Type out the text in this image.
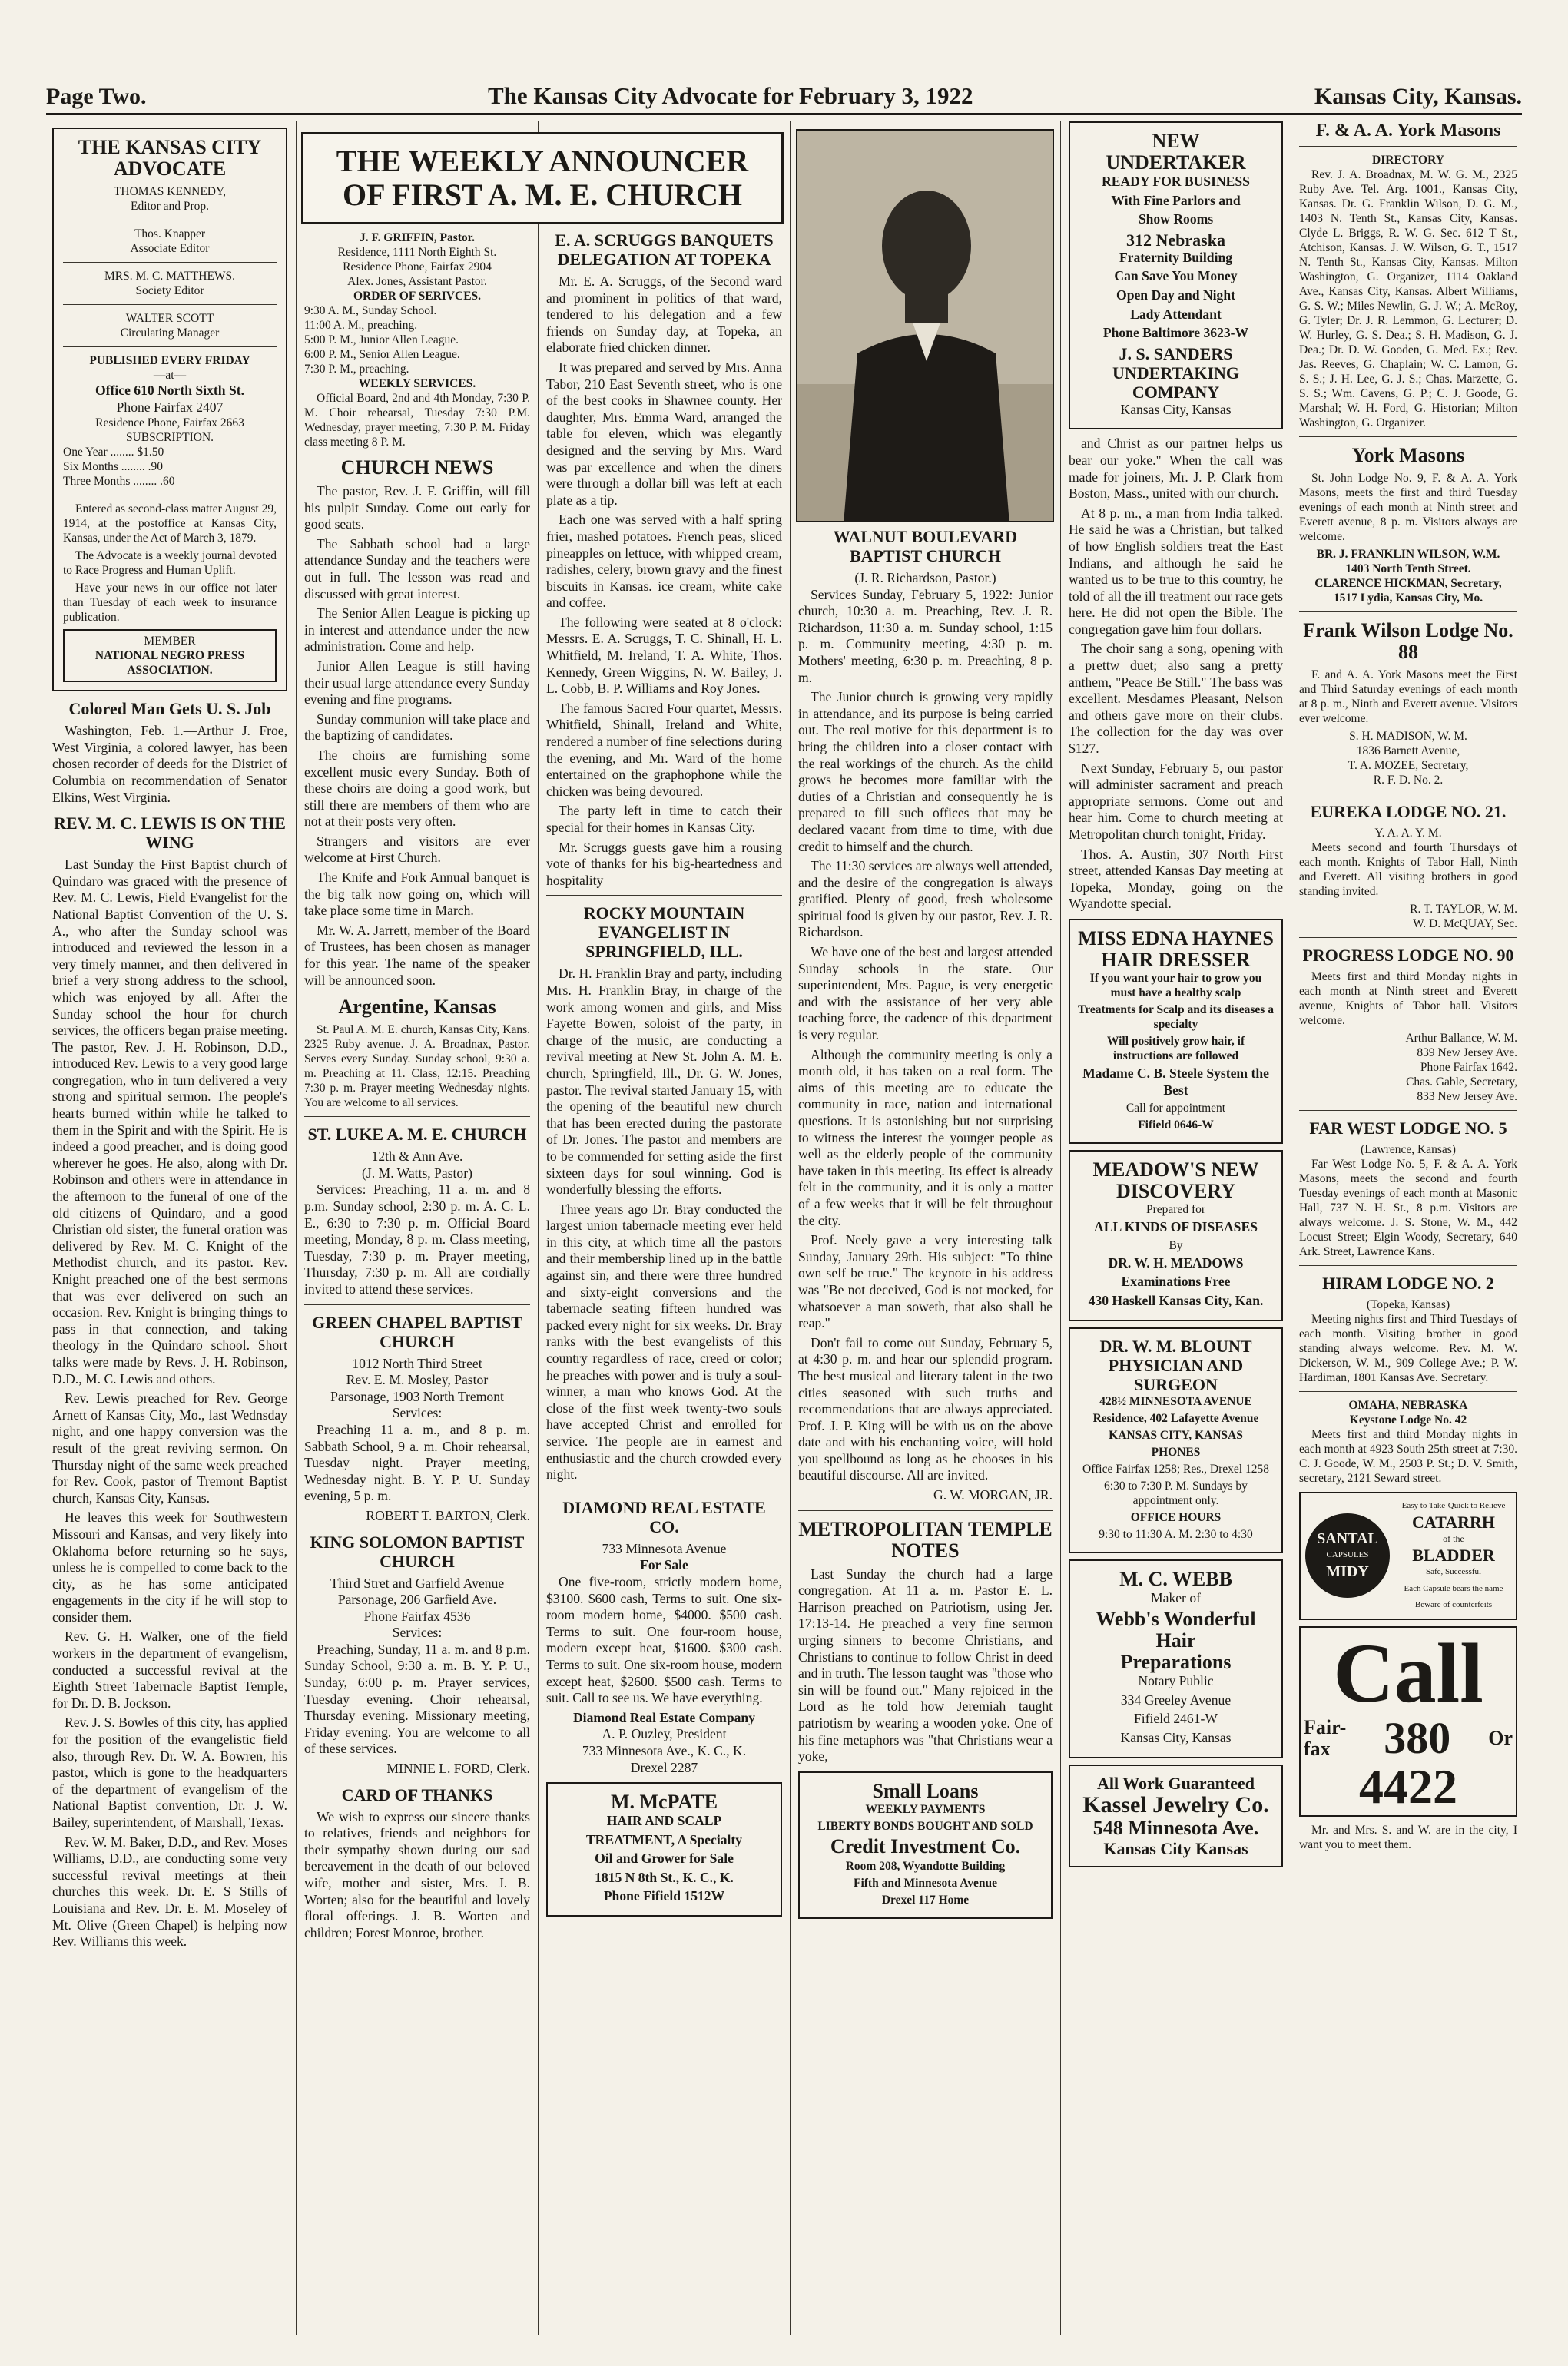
Page Two.	The Kansas City Advocate for February 3, 1922	Kansas City, Kansas.
THE KANSAS CITY ADVOCATE
THOMAS KENNEDY,
Editor and Prop.
Thos. Knapper
Associate Editor
MRS. M. C. MATTHEWS.
Society Editor
WALTER SCOTT
Circulating Manager
PUBLISHED EVERY FRIDAY
—at—
Office 610 North Sixth St.
Phone Fairfax 2407
Residence Phone, Fairfax 2663
SUBSCRIPTION.
One Year ........ $1.50
Six Months ........ .90
Three Months ........ .60

Entered as second-class matter August 29, 1914, at the postoffice at Kansas City, Kansas, under the Act of March 3, 1879.

The Advocate is a weekly journal devoted to Race Progress and Human Uplift.

Have your news in our office not later than Tuesday of each week to insurance publication.

MEMBER
NATIONAL NEGRO PRESS ASSOCIATION.
Colored Man Gets U. S. Job

Washington, Feb. 1.—Arthur J. Froe, West Virginia, a colored lawyer, has been chosen recorder of deeds for the District of Columbia on recommendation of Senator Elkins, West Virginia.

REV. M. C. LEWIS IS ON THE WING

Last Sunday the First Baptist church of Quindaro was graced with the presence of Rev. M. C. Lewis, Field Evangelist for the National Baptist Convention of the U. S. A., who after the Sunday school was introduced and reviewed the lesson in a very timely manner, and then delivered in brief a very strong address to the school, which was enjoyed by all. After the Sunday school the hour for church services, the officers began praise meeting. The pastor, Rev. J. H. Robinson, D.D., introduced Rev. Lewis to a very good large congregation, who in turn delivered a very strong and spiritual sermon. The people's hearts burned within while he talked to them in the Spirit and with the Spirit. He is indeed a good preacher, and is doing good wherever he goes. He also, along with Dr. Robinson and others were in attendance in the afternoon to the funeral of one of the old citizens of Quindaro, and a good Christian old sister, the funeral oration was delivered by Rev. M. C. Knight of the Methodist church, and its pastor. Rev. Knight preached one of the best sermons that was ever delivered on such an occasion. Rev. Knight is bringing things to pass in that connection, and taking theology in the Quindaro school. Short talks were made by Revs. J. H. Robinson, D.D., M. C. Lewis and others.

Rev. Lewis preached for Rev. George Arnett of Kansas City, Mo., last Wednsday night, and one happy conversion was the result of the great reviving sermon. On Thursday night of the same week preached for Rev. Cook, pastor of Tremont Baptist church, Kansas City, Kansas.

He leaves this week for Southwestern Missouri and Kansas, and very likely into Oklahoma before returning so he says, unless he is compelled to come back to the city, as he has some anticipated engagements in the city if he will stop to consider them.

Rev. G. H. Walker, one of the field workers in the department of evangelism, conducted a successful revival at the Eighth Street Tabernacle Baptist Temple, for Dr. D. B. Jockson.

Rev. J. S. Bowles of this city, has applied for the position of the evangelistic field also, through Rev. Dr. W. A. Bowren, his pastor, which is gone to the headquarters of the department of evangelism of the National Baptist convention, Dr. J. W. Bailey, superintendent, of Marshall, Texas.

Rev. W. M. Baker, D.D., and Rev. Moses Williams, D.D., are conducting some very successful revival meetings at their churches this week. Dr. E. S Stills of Louisiana and Rev. Dr. E. M. Moseley of Mt. Olive (Green Chapel) is helping now Rev. Williams this week.

THE WEEKLY ANNOUNCER
OF FIRST A. M. E. CHURCH
J. F. GRIFFIN, Pastor.
Residence, 1111 North Eighth St.
Residence Phone, Fairfax 2904
Alex. Jones, Assistant Pastor.
ORDER OF SERIVCES.
9:30 A. M., Sunday School.
11:00 A. M., preaching.
5:00 P. M., Junior Allen League.
6:00 P. M., Senior Allen League.
7:30 P. M., preaching.
WEEKLY SERVICES.

Official Board, 2nd and 4th Monday, 7:30 P. M. Choir rehearsal, Tuesday 7:30 P.M. Wednesday, prayer meeting, 7:30 P. M. Friday class meeting 8 P. M.

CHURCH NEWS

The pastor, Rev. J. F. Griffin, will fill his pulpit Sunday. Come out early for good seats.

The Sabbath school had a large attendance Sunday and the teachers were out in full. The lesson was read and discussed with great interest.

The Senior Allen League is picking up in interest and attendance under the new administration. Come and help.

Junior Allen League is still having their usual large attendance every Sunday evening and fine programs.

Sunday communion will take place and the baptizing of candidates.

The choirs are furnishing some excellent music every Sunday. Both of these choirs are doing a good work, but still there are members of them who are not at their posts very often.

Strangers and visitors are ever welcome at First Church.

The Knife and Fork Annual banquet is the big talk now going on, which will take place some time in March.

Mr. W. A. Jarrett, member of the Board of Trustees, has been chosen as manager for this year. The name of the speaker will be announced soon.

Argentine, Kansas

St. Paul A. M. E. church, Kansas City, Kans. 2325 Ruby avenue. J. A. Broadnax, Pastor. Serves every Sunday. Sunday school, 9:30 a. m. Preaching at 11. Class, 12:15. Preaching 7:30 p. m. Prayer meeting Wednesday nights. You are welcome to all services.

ST. LUKE A. M. E. CHURCH
12th & Ann Ave.
(J. M. Watts, Pastor)

Services: Preaching, 11 a. m. and 8 p.m. Sunday school, 2:30 p. m. A. C. L. E., 6:30 to 7:30 p. m. Official Board meeting, Monday, 8 p. m. Class meeting, Tuesday, 7:30 p. m. Prayer meeting, Thursday, 7:30 p. m. All are cordially invited to attend these services.

GREEN CHAPEL BAPTIST CHURCH
1012 North Third Street
Rev. E. M. Mosley, Pastor
Parsonage, 1903 North Tremont
Services:

Preaching 11 a. m., and 8 p. m. Sabbath School, 9 a. m. Choir rehearsal, Tuesday night. Prayer meeting, Wednesday night. B. Y. P. U. Sunday evening, 5 p. m.

ROBERT T. BARTON, Clerk.
KING SOLOMON BAPTIST CHURCH
Third Stret and Garfield Avenue
Parsonage, 206 Garfield Ave.
Phone Fairfax 4536
Services:

Preaching, Sunday, 11 a. m. and 8 p.m. Sunday School, 9:30 a. m. B. Y. P. U., Sunday, 6:00 p. m. Prayer services, Tuesday evening. Choir rehearsal, Thursday evening. Missionary meeting, Friday evening. You are welcome to all of these services.

MINNIE L. FORD, Clerk.
CARD OF THANKS

We wish to express our sincere thanks to relatives, friends and neighbors for their sympathy shown during our sad bereavement in the death of our beloved wife, mother and sister, Mrs. J. B. Worten; also for the beautiful and lovely floral offerings.—J. B. Worten and children; Forest Monroe, brother.

E. A. SCRUGGS BANQUETS DELEGATION AT TOPEKA

Mr. E. A. Scruggs, of the Second ward and prominent in politics of that ward, tendered to his delegation and a few friends on Sunday day, at Topeka, an elaborate fried chicken dinner.

It was prepared and served by Mrs. Anna Tabor, 210 East Seventh street, who is one of the best cooks in Shawnee county. Her daughter, Mrs. Emma Ward, arranged the table for eleven, which was elegantly designed and the serving by Mrs. Ward was par excellence and when the diners were through a dollar bill was left at each plate as a tip.

Each one was served with a half spring frier, mashed potatoes. French peas, sliced pineapples on lettuce, with whipped cream, radishes, celery, brown gravy and the finest biscuits in Kansas. ice cream, white cake and coffee.

The following were seated at 8 o'clock: Messrs. E. A. Scruggs, T. C. Shinall, H. L. Whitfield, M. Ireland, T. A. White, Thos. Kennedy, Green Wiggins, N. W. Bailey, J. L. Cobb, B. P. Williams and Roy Jones.

The famous Sacred Four quartet, Messrs. Whitfield, Shinall, Ireland and White, rendered a number of fine selections during the evening, and Mr. Ward of the home entertained on the graphophone while the chicken was being devoured.

The party left in time to catch their special for their homes in Kansas City.

Mr. Scruggs guests gave him a rousing vote of thanks for his big-heartedness and hospitality

ROCKY MOUNTAIN EVANGELIST IN SPRINGFIELD, ILL.

Dr. H. Franklin Bray and party, including Mrs. H. Franklin Bray, in charge of the work among women and girls, and Miss Fayette Bowen, soloist of the party, in charge of the music, are conducting a revival meeting at New St. John A. M. E. church, Springfield, Ill., Dr. G. W. Jones, pastor. The revival started January 15, with the opening of the beautiful new church that has been erected during the pastorate of Dr. Jones. The pastor and members are to be commended for setting aside the first sixteen days for soul winning. God is wonderfully blessing the efforts.

Three years ago Dr. Bray conducted the largest union tabernacle meeting ever held in this city, at which time all the pastors and their membership lined up in the battle against sin, and there were three hundred and sixty-eight conversions and the tabernacle seating fifteen hundred was packed every night for six weeks. Dr. Bray ranks with the best evangelists of this country regardless of race, creed or color; he preaches with power and is truly a soul-winner, a man who knows God. At the close of the first week twenty-two souls have accepted Christ and enrolled for service. The people are in earnest and enthusiastic and the church crowded every night.

DIAMOND REAL ESTATE CO.
733 Minnesota Avenue
For Sale

One five-room, strictly modern home, $3100. $600 cash, Terms to suit. One six-room modern home, $4000. $500 cash. Terms to suit. One four-room house, modern except heat, $1600. $300 cash. Terms to suit. One six-room house, modern except heat, $2600. $500 cash. Terms to suit. Call to see us. We have everything.

Diamond Real Estate Company
A. P. Ouzley, President
733 Minnesota Ave., K. C., K.
Drexel 2287

M. McPATE

HAIR AND SCALP

TREATMENT, A Specialty

Oil and Grower for Sale

1815 N 8th St., K. C., K.

Phone Fifield 1512W

WALNUT BOULEVARD BAPTIST CHURCH
(J. R. Richardson, Pastor.)

Services Sunday, February 5, 1922: Junior church, 10:30 a. m. Preaching, Rev. J. R. Richardson, 11:30 a. m. Sunday school, 1:15 p. m. Community meeting, 4:30 p. m. Mothers' meeting, 6:30 p. m. Preaching, 8 p. m.

The Junior church is growing very rapidly in attendance, and its purpose is being carried out. The real motive for this department is to bring the children into a closer contact with the real workings of the church. As the child grows he becomes more familiar with the duties of a Christian and consequently he is prepared to fill such offices that may be declared vacant from time to time, with due credit to himself and the church.

The 11:30 services are always well attended, and the desire of the congregation is always gratified. Plenty of good, fresh wholesome spiritual food is given by our pastor, Rev. J. R. Richardson.

We have one of the best and largest attended Sunday schools in the state. Our superintendent, Mrs. Pague, is very energetic and with the assistance of her very able teaching force, the cadence of this department is very regular.

Although the community meeting is only a month old, it has taken on a real form. The aims of this meeting are to educate the community in race, nation and international questions. It is astonishing but not surprising to witness the interest the younger people as well as the elderly people of the community have taken in this meeting. Its effect is already felt in the community, and it is only a matter of a few weeks that it will be felt throughout the city.

Prof. Neely gave a very interesting talk Sunday, January 29th. His subject: "To thine own self be true." The keynote in his address was "Be not deceived, God is not mocked, for whatsoever a man soweth, that also shall he reap."

Don't fail to come out Sunday, February 5, at 4:30 p. m. and hear our splendid program. The best musical and literary talent in the two cities seasoned with such truths and recommendations that are always appreciated. Prof. J. P. King will be with us on the above date and with his enchanting voice, will hold you spellbound as long as he chooses in his beautiful discourse. All are invited.

G. W. MORGAN, JR.
METROPOLITAN TEMPLE NOTES

Last Sunday the church had a large congregation. At 11 a. m. Pastor E. L. Harrison preached on Patriotism, using Jer. 17:13-14. He preached a very fine sermon urging sinners to become Christians, and Christians to continue to follow Christ in deed and in truth. The lesson taught was "those who sin will be found out." Many rejoiced in the Lord as he told how Jeremiah taught patriotism by wearing a wooden yoke. One of his fine metaphors was "that Christians wear a yoke,

Small Loans

WEEKLY PAYMENTS

LIBERTY BONDS BOUGHT AND SOLD

Credit Investment Co.

Room 208, Wyandotte Building

Fifth and Minnesota Avenue

Drexel 117 Home

NEW

UNDERTAKER

READY FOR BUSINESS

With Fine Parlors and

Show Rooms

312 Nebraska

Fraternity Building

Can Save You Money

Open Day and Night

Lady Attendant

Phone Baltimore 3623-W

J. S. SANDERS

UNDERTAKING

COMPANY

Kansas City, Kansas

and Christ as our partner helps us bear our yoke." When the call was made for joiners, Mr. J. P. Clark from Boston, Mass., united with our church.

At 8 p. m., a man from India talked. He said he was a Christian, but talked of how English soldiers treat the East Indians, and although he said he wanted us to be true to this country, he told of all the ill treatment our race gets here. He did not open the Bible. The congregation gave him four dollars.

The choir sang a song, opening with a prettw duet; also sang a pretty anthem, "Peace Be Still." The bass was excellent. Mesdames Pleasant, Nelson and others gave more on their clubs. The collection for the day was over $127.

Next Sunday, February 5, our pastor will administer sacrament and preach appropriate sermons. Come out and hear him. Come to church meeting at Metropolitan church tonight, Friday.

Thos. A. Austin, 307 North First street, attended Kansas Day meeting at Topeka, Monday, going on the Wyandotte special.

MISS EDNA HAYNES HAIR DRESSER

If you want your hair to grow you must have a healthy scalp

Treatments for Scalp and its diseases a specialty

Will positively grow hair, if instructions are followed

Madame C. B. Steele System the Best

Call for appointment

Fifield 0646-W

MEADOW'S NEW DISCOVERY

Prepared for

ALL KINDS OF DISEASES

By

DR. W. H. MEADOWS

Examinations Free

430 Haskell Kansas City, Kan.

DR. W. M. BLOUNT PHYSICIAN AND SURGEON

428½ MINNESOTA AVENUE

Residence, 402 Lafayette Avenue

KANSAS CITY, KANSAS

PHONES

Office Fairfax 1258; Res., Drexel 1258

6:30 to 7:30 P. M. Sundays by appointment only.

OFFICE HOURS

9:30 to 11:30 A. M. 2:30 to 4:30

M. C. WEBB

Maker of

Webb's Wonderful

Hair

Preparations

Notary Public

334 Greeley Avenue

Fifield 2461-W

Kansas City, Kansas

All Work Guaranteed

Kassel Jewelry Co.

548 Minnesota Ave.

Kansas City Kansas

F. & A. A. York Masons
DIRECTORY

Rev. J. A. Broadnax, M. W. G. M., 2325 Ruby Ave. Tel. Arg. 1001., Kansas City, Kansas. Dr. G. Franklin Wilson, D. G. M., 1403 N. Tenth St., Kansas City, Kansas. Clyde L. Briggs, R. W. G. Sec. 612 T St., Atchison, Kansas. J. W. Wilson, G. T., 1517 N. Tenth St., Kansas City, Kansas. Milton Washington, G. Organizer, 1114 Oakland Ave., Kansas City, Kansas. Albert Williams, G. S. W.; Miles Newlin, G. J. W.; A. McRoy, G. Tyler; Dr. J. R. Lemmon, G. Lecturer; D. W. Hurley, G. S. Dea.; S. H. Madison, G. J. Dea.; Dr. D. W. Gooden, G. Med. Ex.; Rev. Jas. Reeves, G. Chaplain; W. C. Lamon, G. S. S.; J. H. Lee, G. J. S.; Chas. Marzette, G. S. S.; Wm. Cavens, G. P.; C. J. Goode, G. Marshal; W. H. Ford, G. Historian; Milton Washington, G. Organizer.

York Masons

St. John Lodge No. 9, F. & A. A. York Masons, meets the first and third Tuesday evenings of each month at Ninth street and Everett avenue, 8 p. m. Visitors always are welcome.

BR. J. FRANKLIN WILSON, W.M.
1403 North Tenth Street.
CLARENCE HICKMAN, Secretary,
1517 Lydia, Kansas City, Mo.
Frank Wilson Lodge No. 88

F. and A. A. York Masons meet the First and Third Saturday evenings of each month at 8 p. m., Ninth and Everett avenue. Visitors ever welcome.

S. H. MADISON, W. M.
1836 Barnett Avenue,
T. A. MOZEE, Secretary,
R. F. D. No. 2.
EUREKA LODGE NO. 21.
Y. A. A. Y. M.

Meets second and fourth Thursdays of each month. Knights of Tabor Hall, Ninth and Everett. All visiting brothers in good standing invited.

R. T. TAYLOR, W. M.
W. D. McQUAY, Sec.
PROGRESS LODGE NO. 90

Meets first and third Monday nights in each month at Ninth street and Everett avenue, Knights of Tabor hall. Visitors welcome.

Arthur Ballance, W. M.
839 New Jersey Ave.
Phone Fairfax 1642.
Chas. Gable, Secretary,
833 New Jersey Ave.
FAR WEST LODGE NO. 5
(Lawrence, Kansas)

Far West Lodge No. 5, F. & A. A. York Masons, meets the second and fourth Tuesday evenings of each month at Masonic Hall, 737 N. H. St., 8 p.m. Visitors are always welcome. J. S. Stone, W. M., 442 Locust Street; Elgin Woody, Secretary, 640 Ark. Street, Lawrence Kans.

HIRAM LODGE NO. 2
(Topeka, Kansas)

Meeting nights first and Third Tuesdays of each month. Visiting brother in good standing always welcome. Rev. M. W. Dickerson, W. M., 909 College Ave.; P. W. Hardiman, 1801 Kansas Ave. Secretary.

OMAHA, NEBRASKA
Keystone Lodge No. 42

Meets first and third Monday nights in each month at 4923 South 25th street at 7:30. C. J. Goode, W. M., 2503 P. St.; D. V. Smith, secretary, 2121 Seward street.

SANTAL
CAPSULES
MIDY
Easy to Take-Quick to Relieve
CATARRH
of the
BLADDER
Safe, Successful
Each Capsule bears the name
Beware of counterfeits
Call
Fair-
fax	380 Or
4422

Mr. and Mrs. S. and W. are in the city, I want you to meet them.
